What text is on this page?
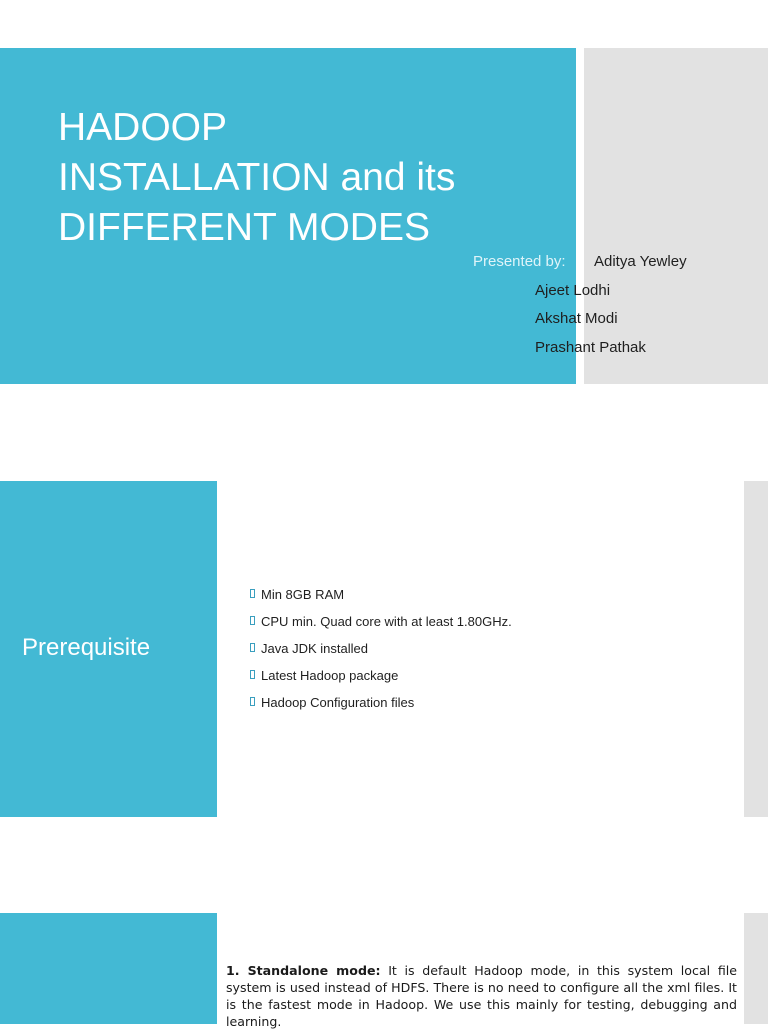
HADOOP
INSTALLATION and its
DIFFERENT MODES
Presented by: Aditya Yewley
Ajeet Lodhi
Akshat Modi
Prashant Pathak
Prerequisite
Min 8GB RAM
CPU min. Quad core with at least 1.80GHz.
Java JDK installed
Latest Hadoop package
Hadoop Configuration files
1. Standalone mode: It is default Hadoop mode, in this system local file system is used instead of HDFS. There is no need to configure all the xml files. It is the fastest mode in Hadoop. We use this mainly for testing, debugging and learning.
